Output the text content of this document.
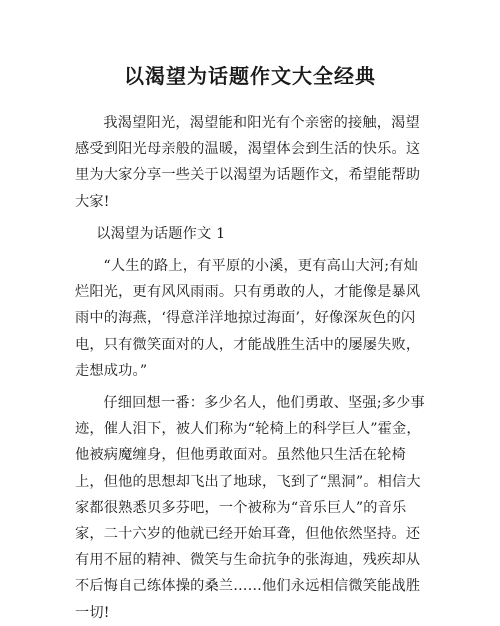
以渴望为话题作文大全经典

我渴望阳光，渴望能和阳光有个亲密的接触，渴望感受到阳光母亲般的温暖，渴望体会到生活的快乐。这里为大家分享一些关于以渴望为话题作文，希望能帮助大家!

以渴望为话题作文 1

“人生的路上，有平原的小溪，更有高山大河;有灿烂阳光，更有风风雨雨。只有勇敢的人，才能像是暴风雨中的海燕，‘得意洋洋地掠过海面’，好像深灰色的闪电，只有微笑面对的人，才能战胜生活中的屡屡失败，走想成功。”

仔细回想一番：多少名人，他们勇敢、坚强;多少事迹，催人泪下，被人们称为“轮椅上的科学巨人”霍金，他被病魔缠身，但他勇敢面对。虽然他只生活在轮椅上，但他的思想却飞出了地球，飞到了“黑洞”。相信大家都很熟悉贝多芬吧，一个被称为“音乐巨人”的音乐家，二十六岁的他就已经开始耳聋，但他依然坚持。还有用不屈的精神、微笑与生命抗争的张海迪，残疾却从不后悔自己练体操的桑兰……他们永远相信微笑能战胜一切!
